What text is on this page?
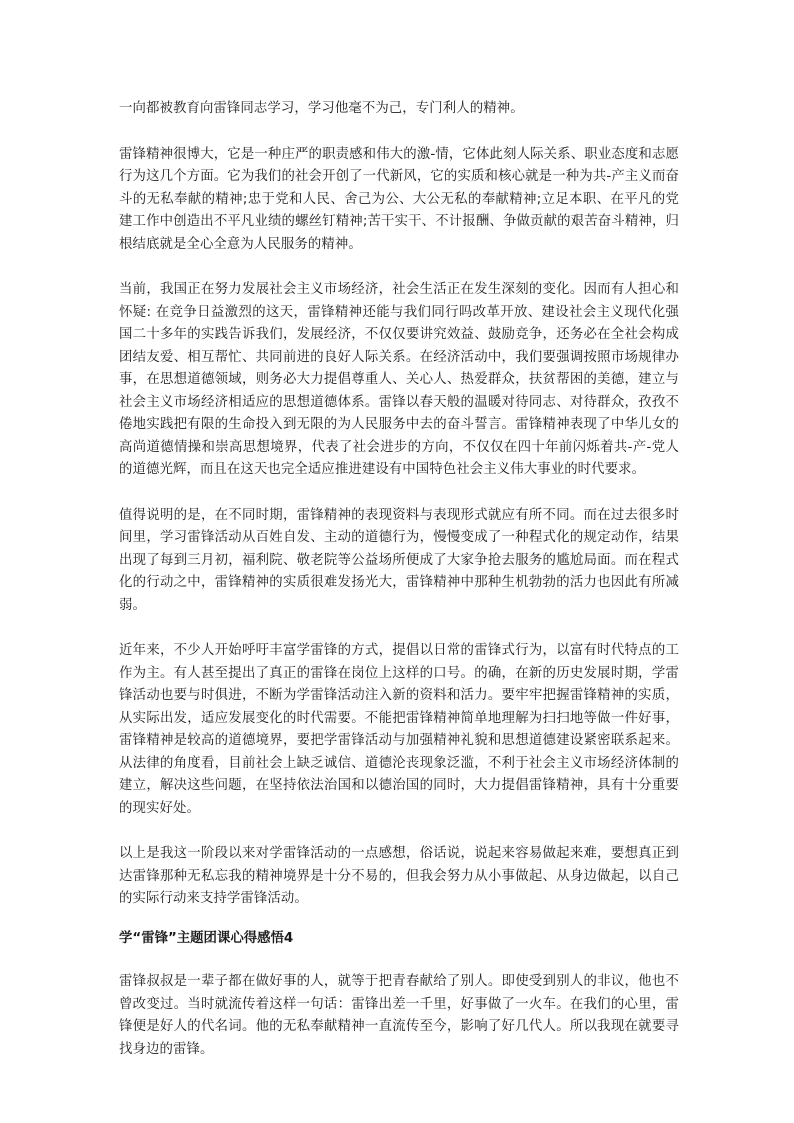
一向都被教育向雷锋同志学习，学习他毫不为己，专门利人的精神。

雷锋精神很博大，它是一种庄严的职责感和伟大的激-情，它体此刻人际关系、职业态度和志愿行为这几个方面。它为我们的社会开创了一代新风，它的实质和核心就是一种为共-产主义而奋斗的无私奉献的精神;忠于党和人民、舍己为公、大公无私的奉献精神;立足本职、在平凡的党建工作中创造出不平凡业绩的螺丝钉精神;苦干实干、不计报酬、争做贡献的艰苦奋斗精神，归根结底就是全心全意为人民服务的精神。

当前，我国正在努力发展社会主义市场经济，社会生活正在发生深刻的变化。因而有人担心和怀疑: 在竞争日益激烈的这天，雷锋精神还能与我们同行吗改革开放、建设社会主义现代化强国二十多年的实践告诉我们，发展经济，不仅仅要讲究效益、鼓励竞争，还务必在全社会构成团结友爱、相互帮忙、共同前进的良好人际关系。在经济活动中，我们要强调按照市场规律办事，在思想道德领域，则务必大力提倡尊重人、关心人、热爱群众，扶贫帮困的美德，建立与社会主义市场经济相适应的思想道德体系。雷锋以春天般的温暖对待同志、对待群众，孜孜不倦地实践把有限的生命投入到无限的为人民服务中去的奋斗誓言。雷锋精神表现了中华儿女的高尚道德情操和崇高思想境界，代表了社会进步的方向，不仅仅在四十年前闪烁着共-产-党人的道德光辉，而且在这天也完全适应推进建设有中国特色社会主义伟大事业的时代要求。

值得说明的是，在不同时期，雷锋精神的表现资料与表现形式就应有所不同。而在过去很多时间里，学习雷锋活动从百姓自发、主动的道德行为，慢慢变成了一种程式化的规定动作，结果出现了每到三月初，福利院、敬老院等公益场所便成了大家争抢去服务的尴尬局面。而在程式化的行动之中，雷锋精神的实质很难发扬光大，雷锋精神中那种生机勃勃的活力也因此有所减弱。

近年来，不少人开始呼吁丰富学雷锋的方式，提倡以日常的雷锋式行为，以富有时代特点的工作为主。有人甚至提出了真正的雷锋在岗位上这样的口号。的确，在新的历史发展时期，学雷锋活动也要与时俱进，不断为学雷锋活动注入新的资料和活力。要牢牢把握雷锋精神的实质，从实际出发，适应发展变化的时代需要。不能把雷锋精神简单地理解为扫扫地等做一件好事，雷锋精神是较高的道德境界，要把学雷锋活动与加强精神礼貌和思想道德建设紧密联系起来。从法律的角度看，目前社会上缺乏诚信、道德沦丧现象泛滥，不利于社会主义市场经济体制的建立，解决这些问题，在坚持依法治国和以德治国的同时，大力提倡雷锋精神，具有十分重要的现实好处。

以上是我这一阶段以来对学雷锋活动的一点感想，俗话说，说起来容易做起来难，要想真正到达雷锋那种无私忘我的精神境界是十分不易的，但我会努力从小事做起、从身边做起，以自己的实际行动来支持学雷锋活动。

学“雷锋”主题团课心得感悟4

雷锋叔叔是一辈子都在做好事的人，就等于把青春献给了别人。即使受到别人的非议，他也不曾改变过。当时就流传着这样一句话：雷锋出差一千里，好事做了一火车。在我们的心里，雷锋便是好人的代名词。他的无私奉献精神一直流传至今，影响了好几代人。所以我现在就要寻找身边的雷锋。
